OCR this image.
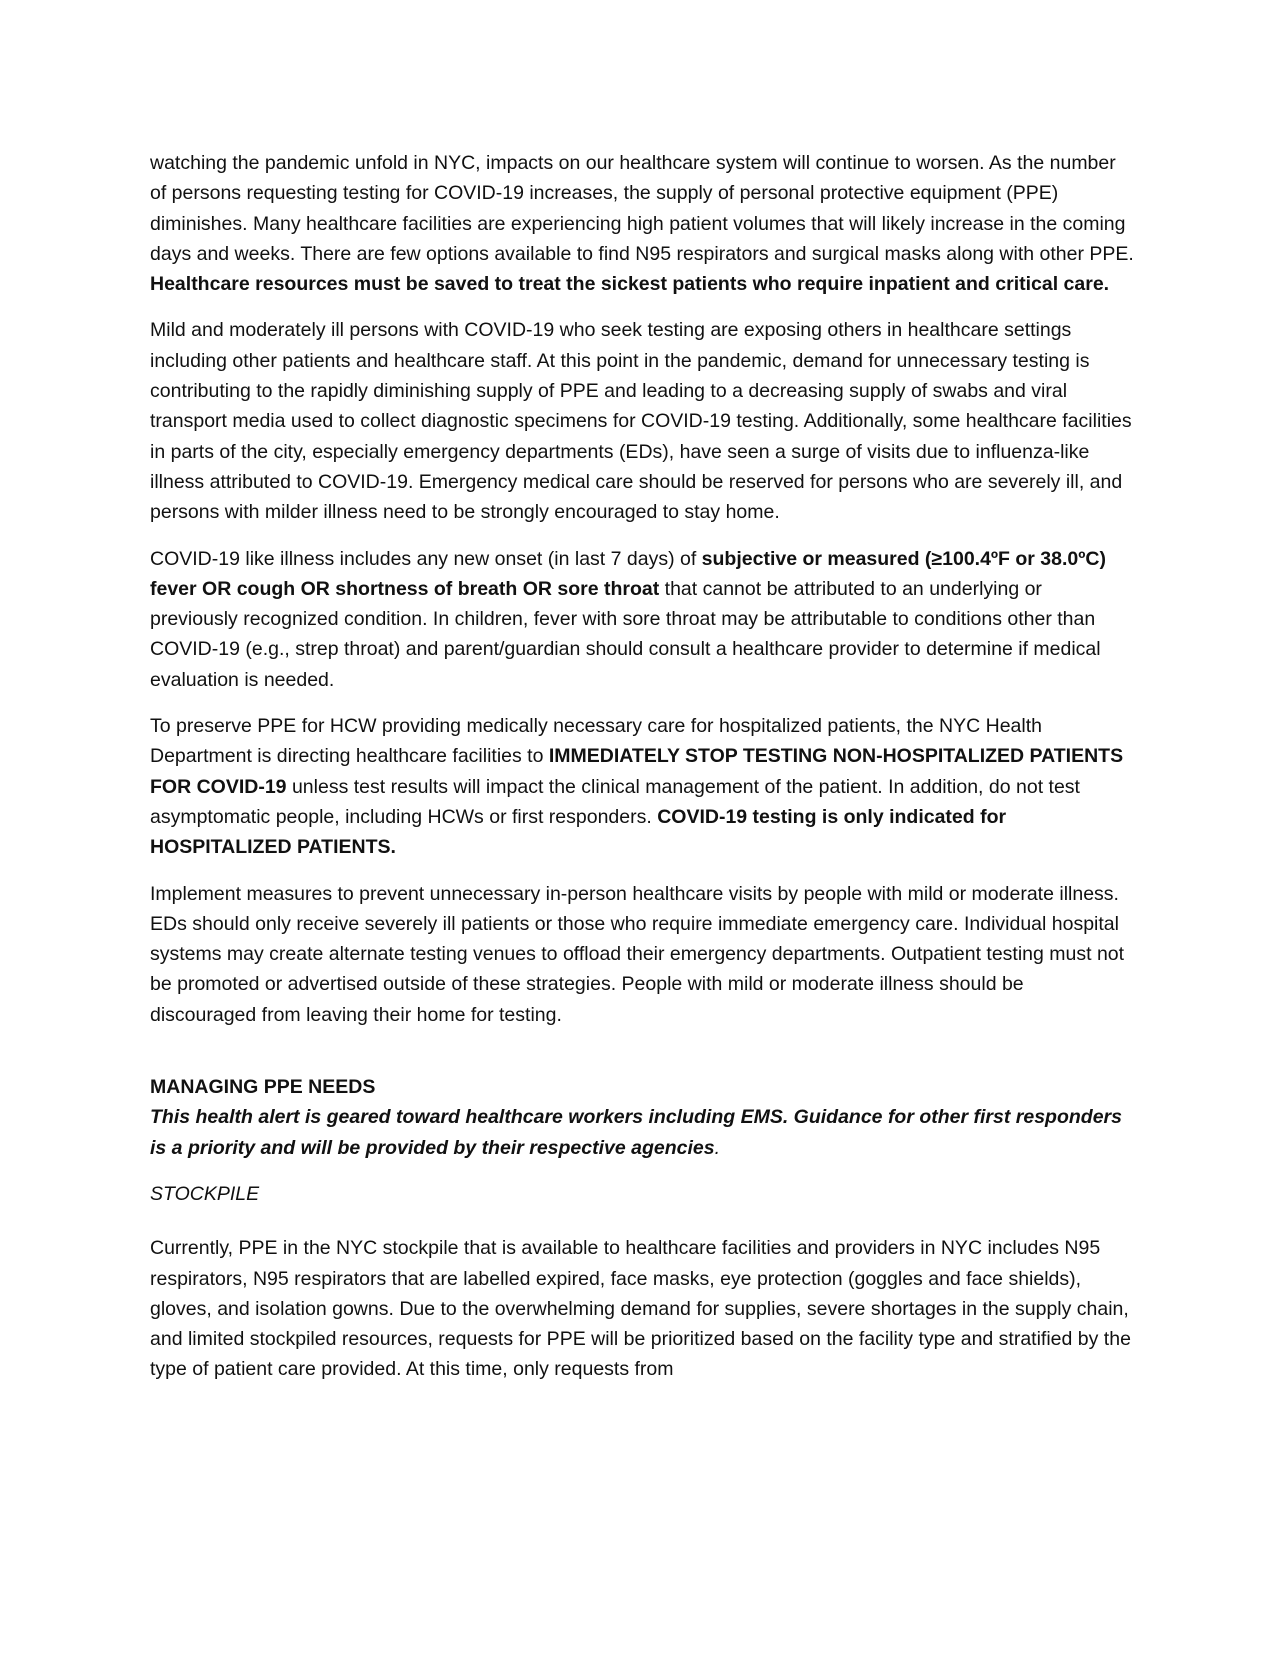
watching the pandemic unfold in NYC, impacts on our healthcare system will continue to worsen. As the number of persons requesting testing for COVID-19 increases, the supply of personal protective equipment (PPE) diminishes. Many healthcare facilities are experiencing high patient volumes that will likely increase in the coming days and weeks. There are few options available to find N95 respirators and surgical masks along with other PPE. Healthcare resources must be saved to treat the sickest patients who require inpatient and critical care.

Mild and moderately ill persons with COVID-19 who seek testing are exposing others in healthcare settings including other patients and healthcare staff. At this point in the pandemic, demand for unnecessary testing is contributing to the rapidly diminishing supply of PPE and leading to a decreasing supply of swabs and viral transport media used to collect diagnostic specimens for COVID-19 testing. Additionally, some healthcare facilities in parts of the city, especially emergency departments (EDs), have seen a surge of visits due to influenza-like illness attributed to COVID-19. Emergency medical care should be reserved for persons who are severely ill, and persons with milder illness need to be strongly encouraged to stay home.

COVID-19 like illness includes any new onset (in last 7 days) of subjective or measured (≥100.4ºF or 38.0ºC) fever OR cough OR shortness of breath OR sore throat that cannot be attributed to an underlying or previously recognized condition. In children, fever with sore throat may be attributable to conditions other than COVID-19 (e.g., strep throat) and parent/guardian should consult a healthcare provider to determine if medical evaluation is needed.

To preserve PPE for HCW providing medically necessary care for hospitalized patients, the NYC Health Department is directing healthcare facilities to IMMEDIATELY STOP TESTING NON-HOSPITALIZED PATIENTS FOR COVID-19 unless test results will impact the clinical management of the patient. In addition, do not test asymptomatic people, including HCWs or first responders. COVID-19 testing is only indicated for HOSPITALIZED PATIENTS.

Implement measures to prevent unnecessary in-person healthcare visits by people with mild or moderate illness. EDs should only receive severely ill patients or those who require immediate emergency care. Individual hospital systems may create alternate testing venues to offload their emergency departments. Outpatient testing must not be promoted or advertised outside of these strategies. People with mild or moderate illness should be discouraged from leaving their home for testing.

MANAGING PPE NEEDS
This health alert is geared toward healthcare workers including EMS. Guidance for other first responders is a priority and will be provided by their respective agencies.
STOCKPILE

Currently, PPE in the NYC stockpile that is available to healthcare facilities and providers in NYC includes N95 respirators, N95 respirators that are labelled expired, face masks, eye protection (goggles and face shields), gloves, and isolation gowns. Due to the overwhelming demand for supplies, severe shortages in the supply chain, and limited stockpiled resources, requests for PPE will be prioritized based on the facility type and stratified by the type of patient care provided. At this time, only requests from
